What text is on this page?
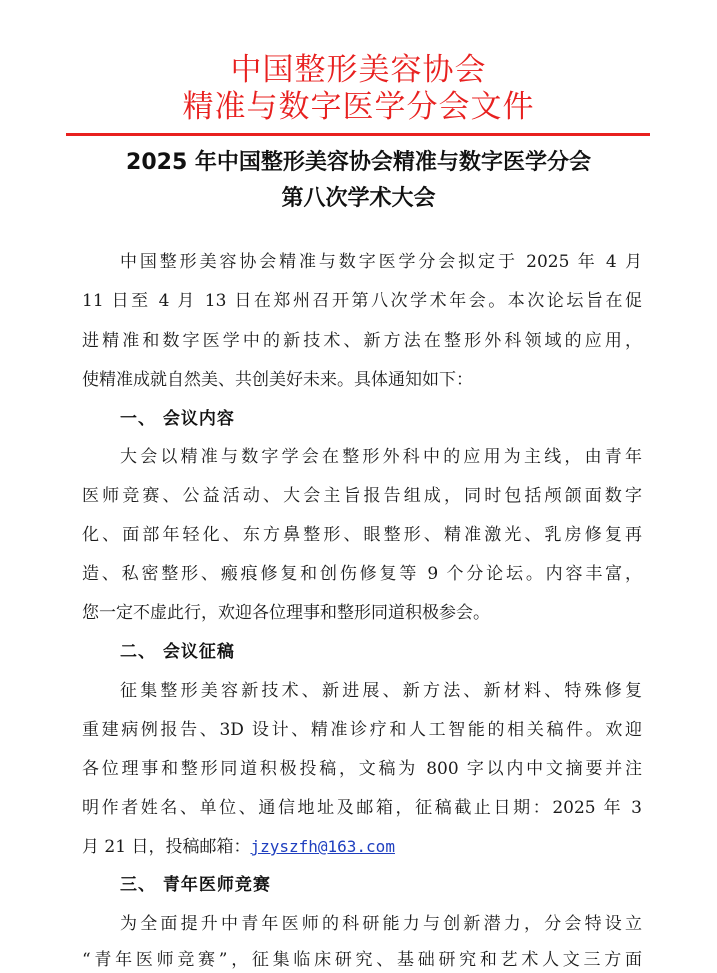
中国整形美容协会
精准与数字医学分会文件
2025 年中国整形美容协会精准与数字医学分会
第八次学术大会
中国整形美容协会精准与数字医学分会拟定于 2025 年 4 月
11 日至 4 月 13 日在郑州召开第八次学术年会。本次论坛旨在促
进精准和数字医学中的新技术、新方法在整形外科领域的应用，
使精准成就自然美、共创美好未来。具体通知如下：
一、 会议内容
大会以精准与数字学会在整形外科中的应用为主线，由青年
医师竞赛、公益活动、大会主旨报告组成，同时包括颅颌面数字
化、面部年轻化、东方鼻整形、眼整形、精准激光、乳房修复再
造、私密整形、瘢痕修复和创伤修复等 9 个分论坛。内容丰富，
您一定不虚此行，欢迎各位理事和整形同道积极参会。
二、 会议征稿
征集整形美容新技术、新进展、新方法、新材料、特殊修复
重建病例报告、3D 设计、精准诊疗和人工智能的相关稿件。欢迎
各位理事和整形同道积极投稿，文稿为 800 字以内中文摘要并注
明作者姓名、单位、通信地址及邮箱，征稿截止日期：2025 年 3
月 21 日，投稿邮箱：jzyszfh@163.com
三、 青年医师竞赛
为全面提升中青年医师的科研能力与创新潜力，分会特设立
“青年医师竞赛”，征集临床研究、基础研究和艺术人文三方面
